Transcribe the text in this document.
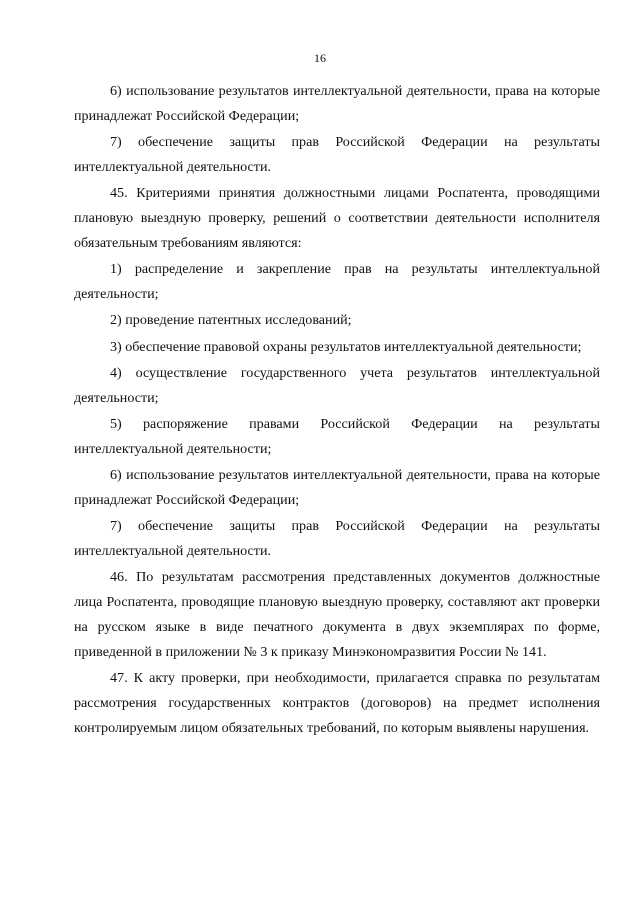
16

6) использование результатов интеллектуальной деятельности, права на которые принадлежат Российской Федерации;

7) обеспечение защиты прав Российской Федерации на результаты интеллектуальной деятельности.

45. Критериями принятия должностными лицами Роспатента, проводящими плановую выездную проверку, решений о соответствии деятельности исполнителя обязательным требованиям являются:

1) распределение и закрепление прав на результаты интеллектуальной деятельности;

2) проведение патентных исследований;

3) обеспечение правовой охраны результатов интеллектуальной деятельности;

4) осуществление государственного учета результатов интеллектуальной деятельности;

5) распоряжение правами Российской Федерации на результаты интеллектуальной деятельности;

6) использование результатов интеллектуальной деятельности, права на которые принадлежат Российской Федерации;

7) обеспечение защиты прав Российской Федерации на результаты интеллектуальной деятельности.

46. По результатам рассмотрения представленных документов должностные лица Роспатента, проводящие плановую выездную проверку, составляют акт проверки на русском языке в виде печатного документа в двух экземплярах по форме, приведенной в приложении № 3 к приказу Минэкономразвития России № 141.

47. К акту проверки, при необходимости, прилагается справка по результатам рассмотрения государственных контрактов (договоров) на предмет исполнения контролируемым лицом обязательных требований, по которым выявлены нарушения.
